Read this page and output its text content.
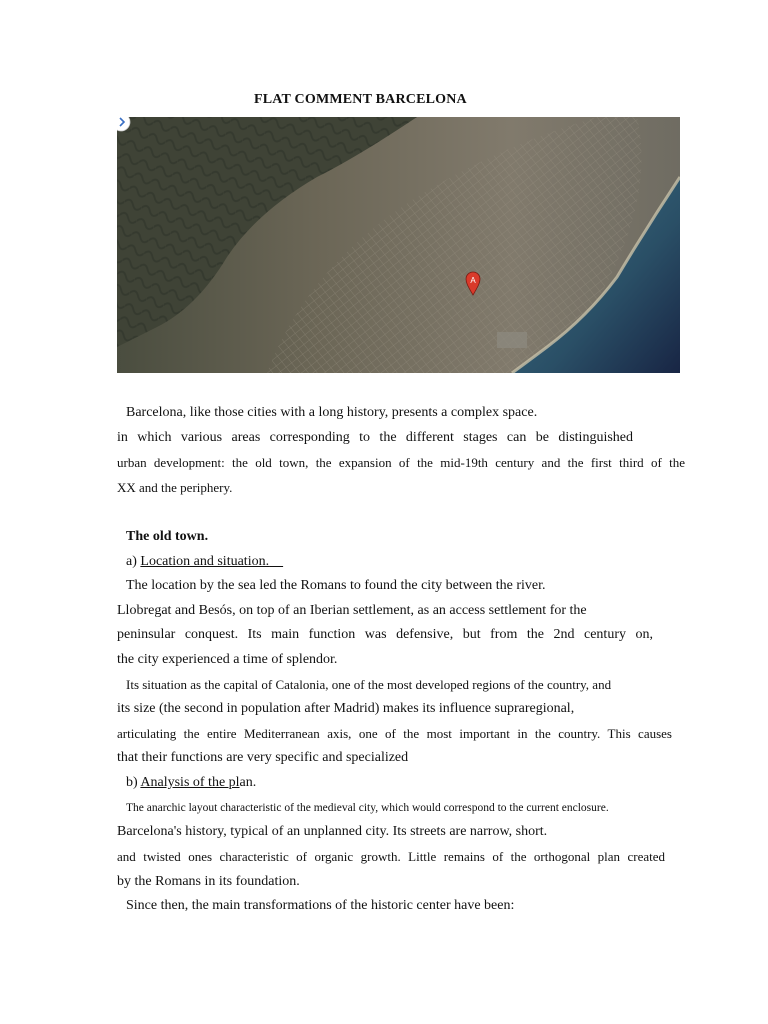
FLAT COMMENT BARCELONA
A
Barcelona, like those cities with a long history, presents a complex space.
in which various areas corresponding to the different stages can be distinguished
urban development: the old town, the expansion of the mid-19th century and the first third of the
XX and the periphery.
The old town.
a) Location and situation.
The location by the sea led the Romans to found the city between the river.
Llobregat and Besós, on top of an Iberian settlement, as an access settlement for the
peninsular conquest. Its main function was defensive, but from the 2nd century on,
the city experienced a time of splendor.
Its situation as the capital of Catalonia, one of the most developed regions of the country, and
its size (the second in population after Madrid) makes its influence supraregional,
articulating the entire Mediterranean axis, one of the most important in the country. This causes
that their functions are very specific and specialized
b) Analysis of the plan.
The anarchic layout characteristic of the medieval city, which would correspond to the current enclosure.
Barcelona's history, typical of an unplanned city. Its streets are narrow, short.
and twisted ones characteristic of organic growth. Little remains of the orthogonal plan created
by the Romans in its foundation.
Since then, the main transformations of the historic center have been:
